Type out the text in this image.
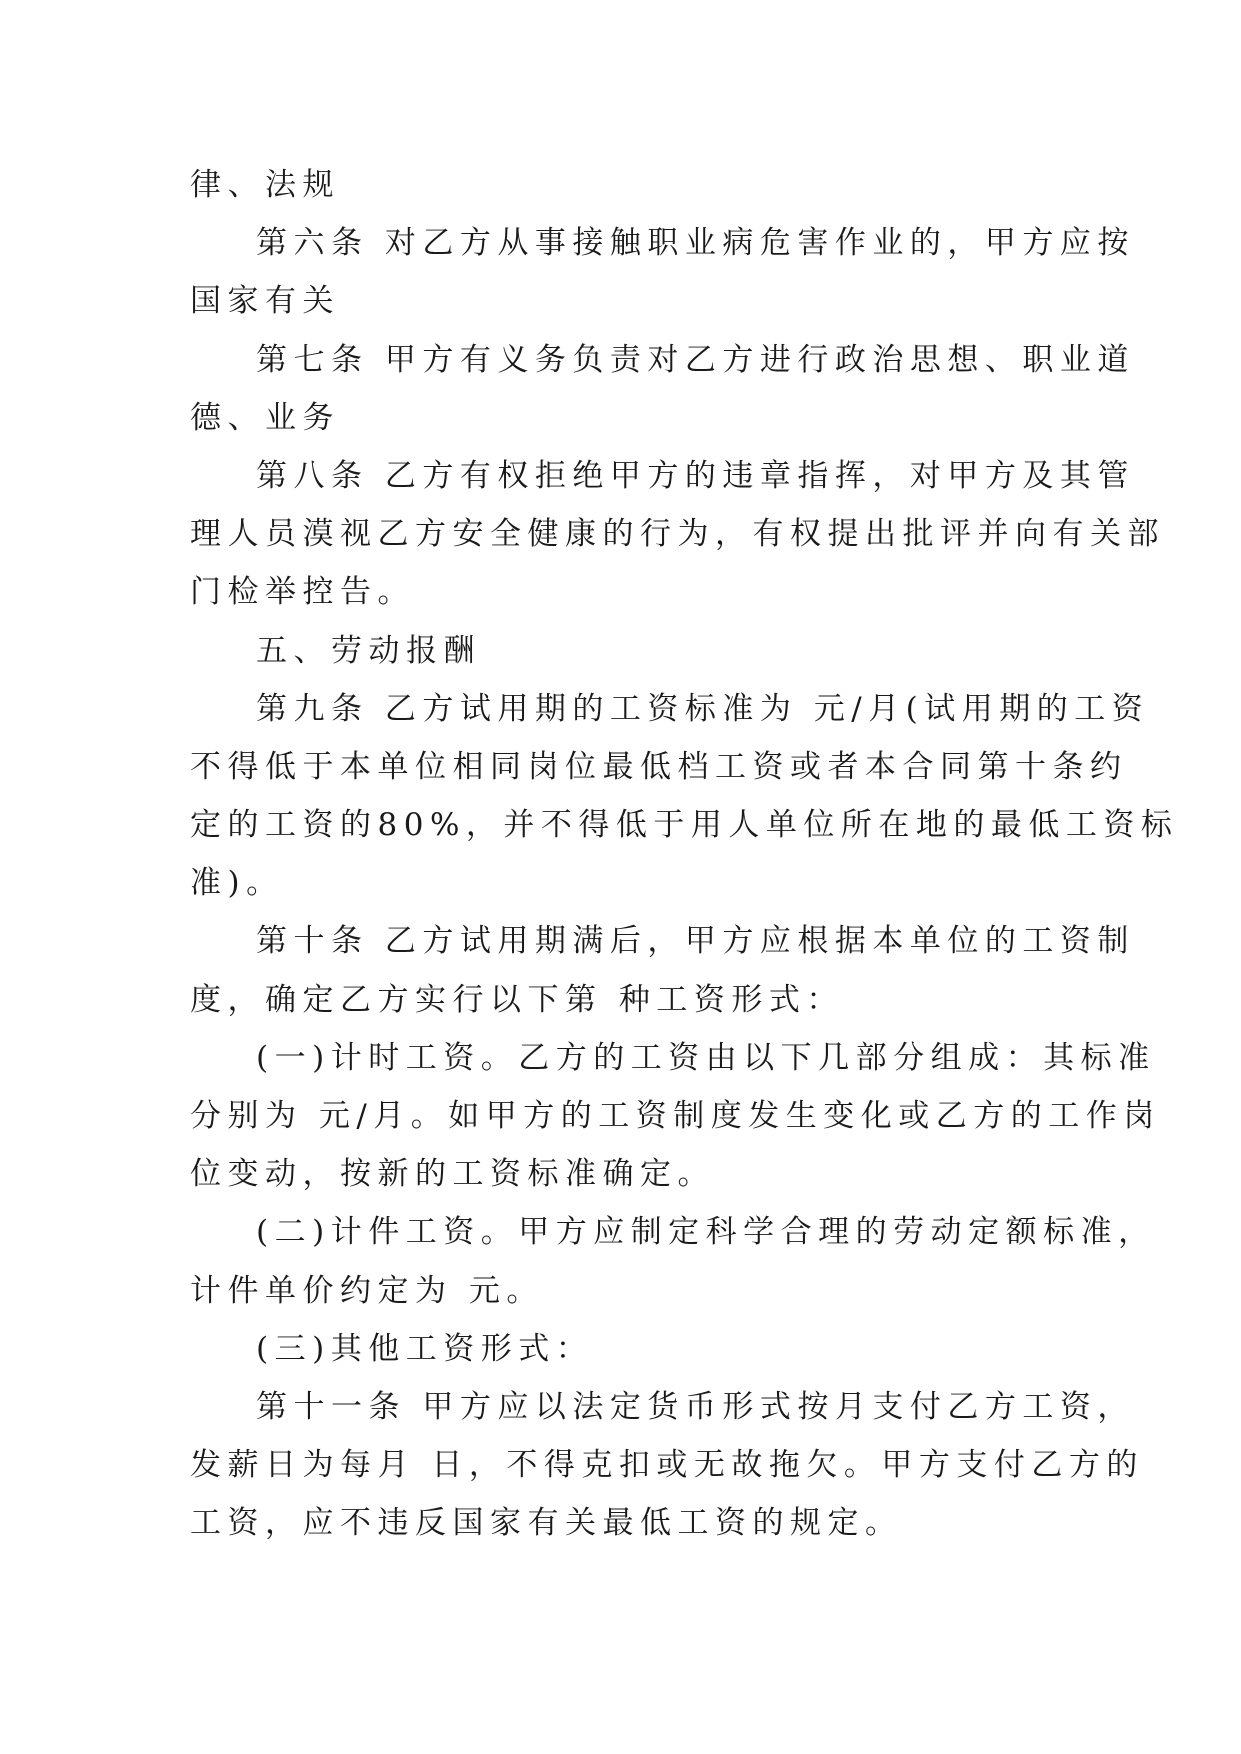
律、法规
第六条 对乙方从事接触职业病危害作业的，甲方应按
国家有关
第七条 甲方有义务负责对乙方进行政治思想、职业道
德、业务
第八条 乙方有权拒绝甲方的违章指挥，对甲方及其管
理人员漠视乙方安全健康的行为，有权提出批评并向有关部
门检举控告。
五、劳动报酬
第九条 乙方试用期的工资标准为 元/月(试用期的工资
不得低于本单位相同岗位最低档工资或者本合同第十条约
定的工资的80%，并不得低于用人单位所在地的最低工资标
准)。
第十条 乙方试用期满后，甲方应根据本单位的工资制
度，确定乙方实行以下第 种工资形式：
(一)计时工资。乙方的工资由以下几部分组成：其标准
分别为 元/月。如甲方的工资制度发生变化或乙方的工作岗
位变动，按新的工资标准确定。
(二)计件工资。甲方应制定科学合理的劳动定额标准，
计件单价约定为 元。
(三)其他工资形式：
第十一条 甲方应以法定货币形式按月支付乙方工资，
发薪日为每月 日，不得克扣或无故拖欠。甲方支付乙方的
工资，应不违反国家有关最低工资的规定。
